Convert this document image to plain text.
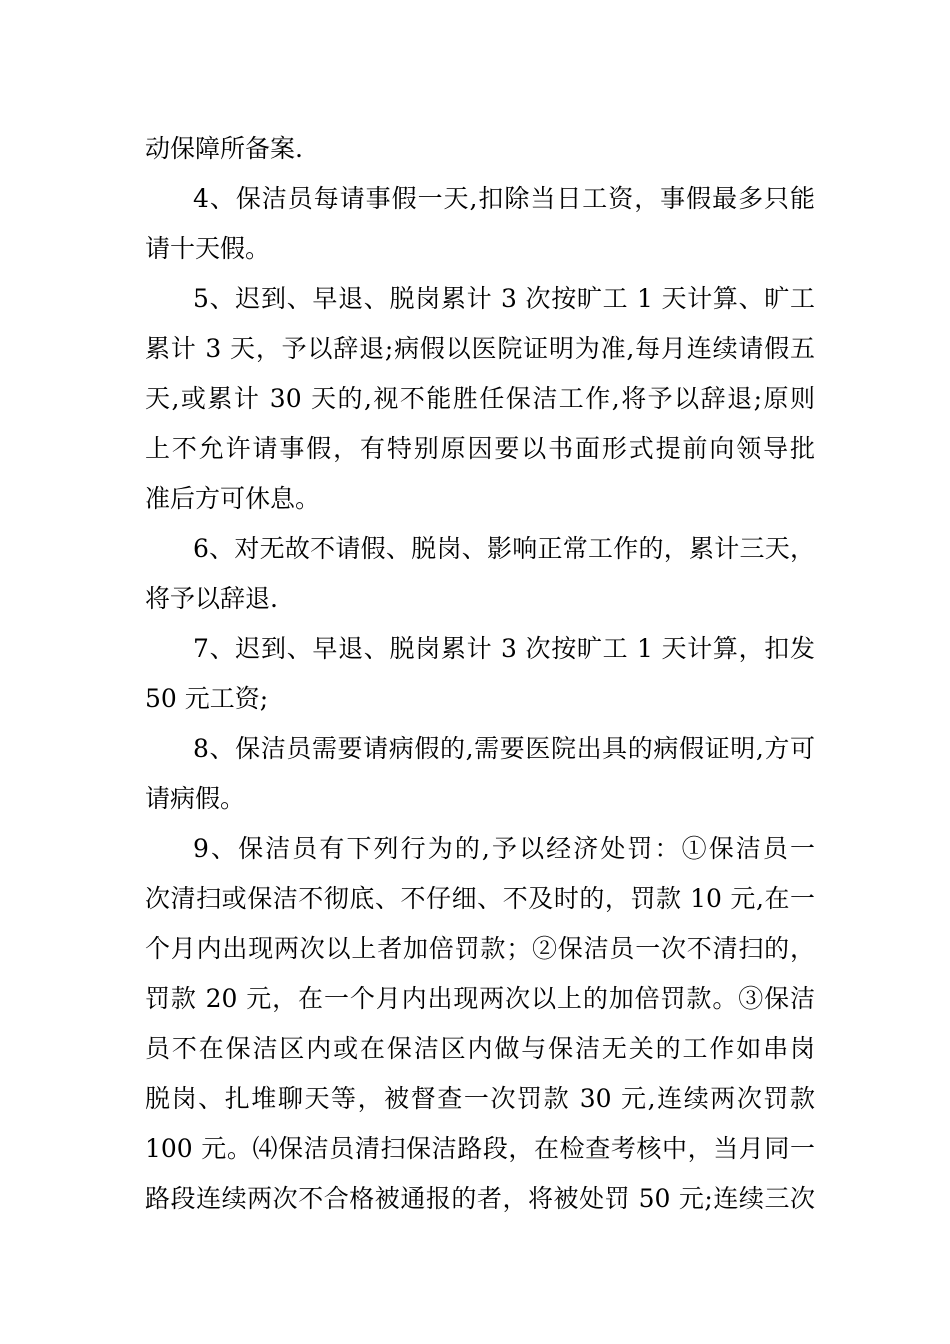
动保障所备案.
4、保洁员每请事假一天,扣除当日工资，事假最多只能
请十天假。
5、迟到、早退、脱岗累计 3 次按旷工 1 天计算、旷工
累计 3 天，予以辞退;病假以医院证明为准,每月连续请假五
天,或累计 30 天的,视不能胜任保洁工作,将予以辞退;原则
上不允许请事假，有特别原因要以书面形式提前向领导批
准后方可休息。
6、对无故不请假、脱岗、影响正常工作的，累计三天，
将予以辞退.
7、迟到、早退、脱岗累计 3 次按旷工 1 天计算，扣发
50 元工资;
8、保洁员需要请病假的,需要医院出具的病假证明,方可
请病假。
9、保洁员有下列行为的,予以经济处罚：①保洁员一
次清扫或保洁不彻底、不仔细、不及时的，罚款 10 元,在一
个月内出现两次以上者加倍罚款；②保洁员一次不清扫的，
罚款 20 元，在一个月内出现两次以上的加倍罚款。③保洁
员不在保洁区内或在保洁区内做与保洁无关的工作如串岗
脱岗、扎堆聊天等，被督查一次罚款 30 元,连续两次罚款
100 元。⑷保洁员清扫保洁路段，在检查考核中，当月同一
路段连续两次不合格被通报的者，将被处罚 50 元;连续三次
